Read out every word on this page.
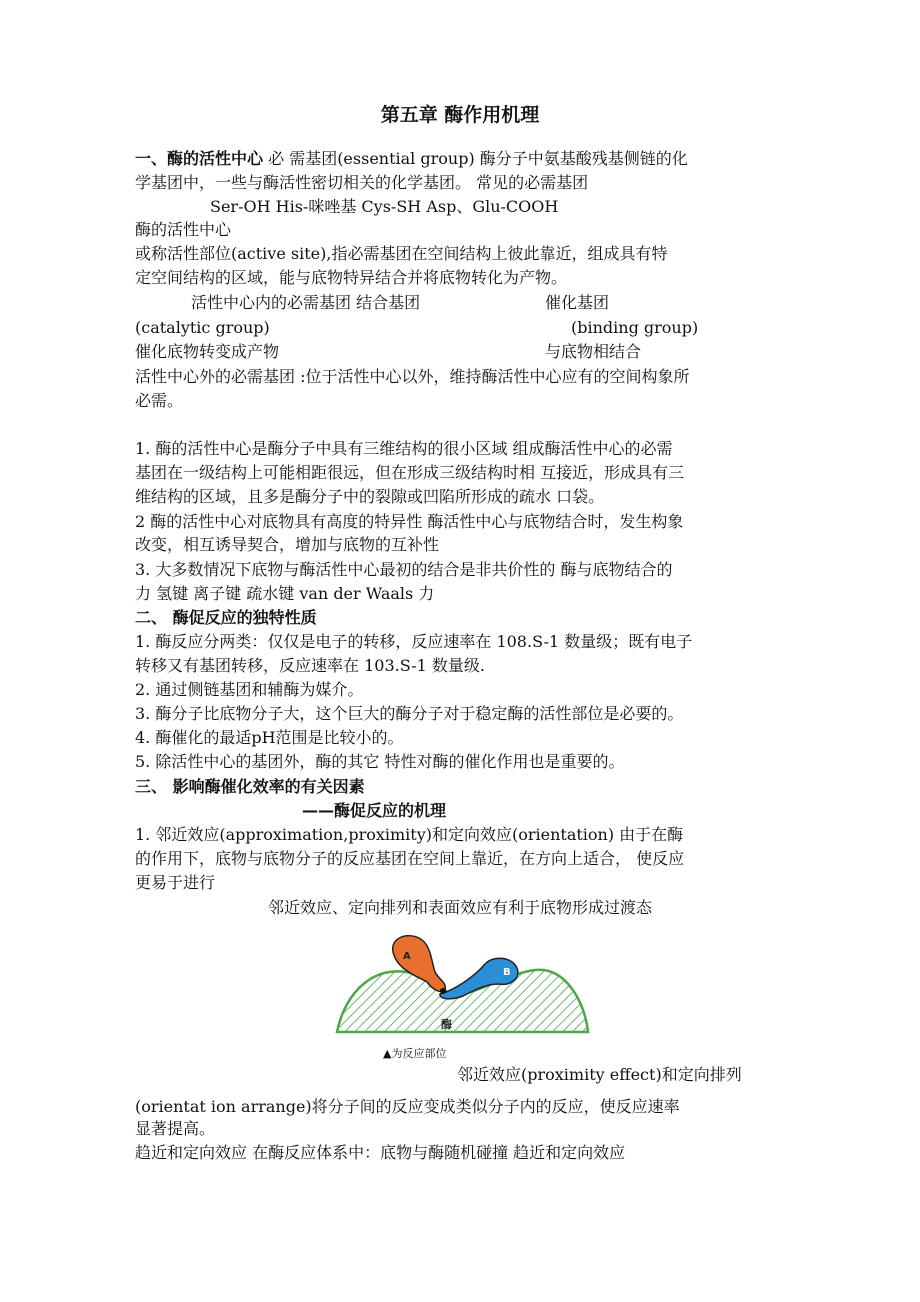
第五章 酶作用机理
一、酶的活性中心 必 需基团(essential group) 酶分子中氨基酸残基侧链的化
学基团中，一些与酶活性密切相关的化学基团。 常见的必需基团
Ser-OH His-咪唑基 Cys-SH Asp、Glu-COOH
酶的活性中心
或称活性部位(active site),指必需基团在空间结构上彼此靠近，组成具有特
定空间结构的区域，能与底物特异结合并将底物转化为产物。
活性中心内的必需基团 结合基团	催化基团
(catalytic group)	(binding group)
催化底物转变成产物	与底物相结合
活性中心外的必需基团 :位于活性中心以外，维持酶活性中心应有的空间构象所
必需。
1. 酶的活性中心是酶分子中具有三维结构的很小区域 组成酶活性中心的必需
基团在一级结构上可能相距很远，但在形成三级结构时相 互接近，形成具有三
维结构的区域，且多是酶分子中的裂隙或凹陷所形成的疏水 口袋。
2 酶的活性中心对底物具有高度的特异性 酶活性中心与底物结合时，发生构象
改变，相互诱导契合，增加与底物的互补性
3. 大多数情况下底物与酶活性中心最初的结合是非共价性的 酶与底物结合的
力 氢键 离子键 疏水键 van der Waals 力
二、 酶促反应的独特性质
1. 酶反应分两类：仅仅是电子的转移，反应速率在 108.S-1 数量级；既有电子
转移又有基团转移，反应速率在 103.S-1 数量级.
2. 通过侧链基团和辅酶为媒介。
3. 酶分子比底物分子大，这个巨大的酶分子对于稳定酶的活性部位是必要的。
4. 酶催化的最适pH范围是比较小的。
5. 除活性中心的基团外，酶的其它 特性对酶的催化作用也是重要的。
三、 影响酶催化效率的有关因素
——酶促反应的机理
1. 邻近效应(approximation,proximity)和定向效应(orientation) 由于在酶
的作用下，底物与底物分子的反应基团在空间上靠近，在方向上适合， 使反应
更易于进行
邻近效应、定向排列和表面效应有利于底物形成过渡态
A
B
酶
▲为反应部位
邻近效应(proximity effect)和定向排列
(orientat ion arrange)将分子间的反应变成类似分子内的反应，使反应速率
显著提高。
趋近和定向效应 在酶反应体系中：底物与酶随机碰撞 趋近和定向效应
